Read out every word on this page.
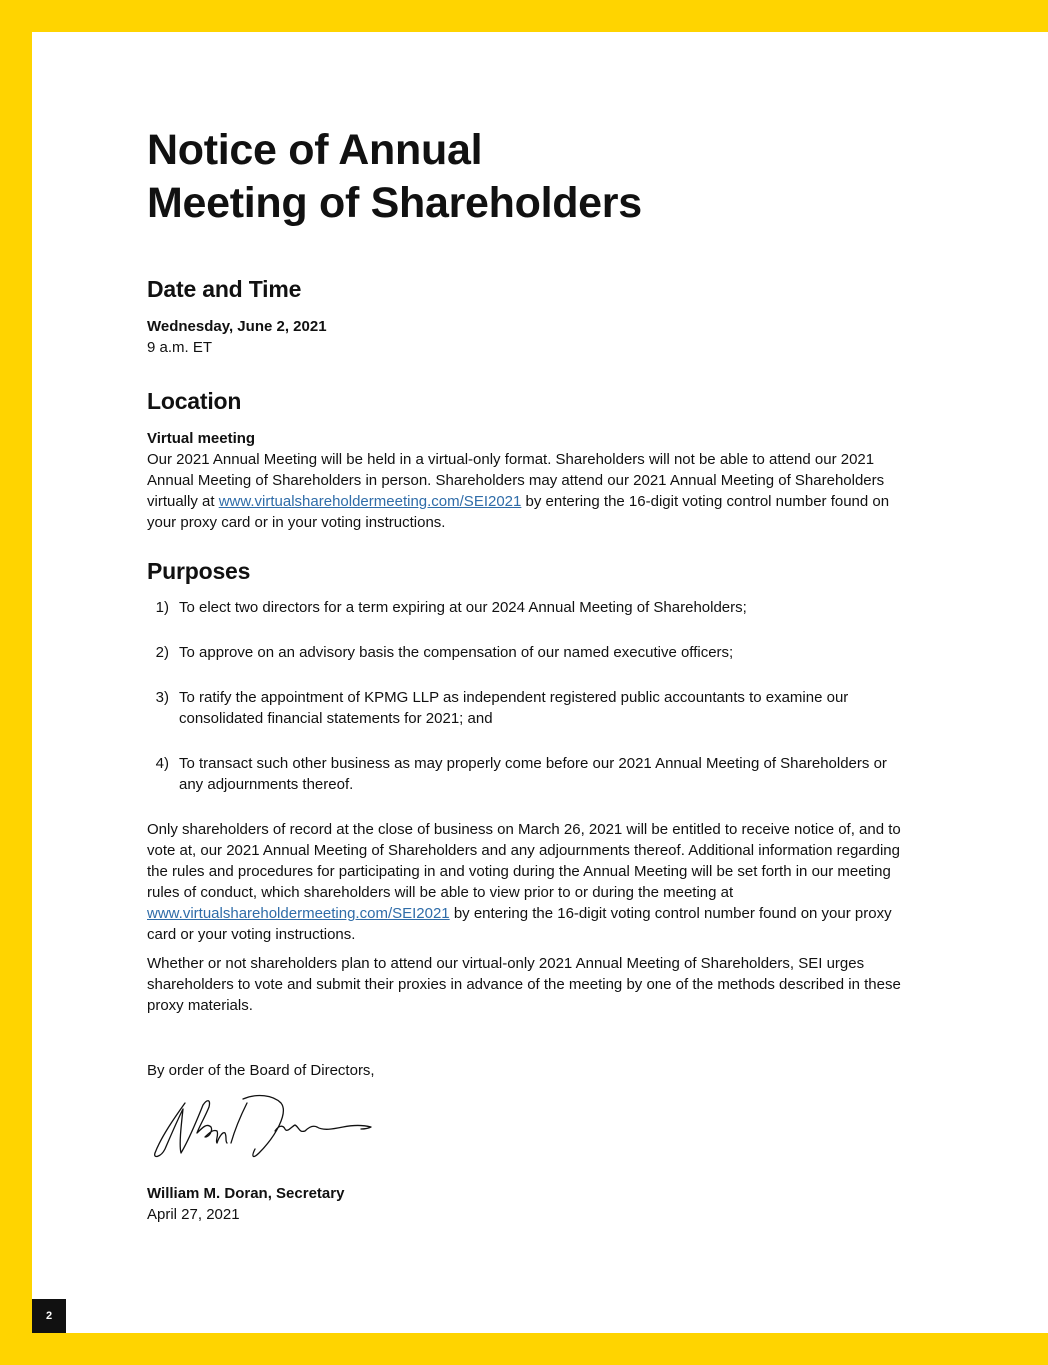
Notice of Annual
Meeting of Shareholders
Date and Time

Wednesday, June 2, 2021

9 a.m. ET

Location

Virtual meeting

Our 2021 Annual Meeting will be held in a virtual-only format. Shareholders will not be able to attend our 2021 Annual Meeting of Shareholders in person. Shareholders may attend our 2021 Annual Meeting of Shareholders virtually at www.virtualshareholdermeeting.com/SEI2021 by entering the 16-digit voting control number found on your proxy card or in your voting instructions.

Purposes
1) To elect two directors for a term expiring at our 2024 Annual Meeting of Shareholders;
2) To approve on an advisory basis the compensation of our named executive officers;
3) To ratify the appointment of KPMG LLP as independent registered public accountants to examine our consolidated financial statements for 2021; and
4) To transact such other business as may properly come before our 2021 Annual Meeting of Shareholders or any adjournments thereof.

Only shareholders of record at the close of business on March 26, 2021 will be entitled to receive notice of, and to vote at, our 2021 Annual Meeting of Shareholders and any adjournments thereof. Additional information regarding the rules and procedures for participating in and voting during the Annual Meeting will be set forth in our meeting rules of conduct, which shareholders will be able to view prior to or during the meeting at www.virtualshareholdermeeting.com/SEI2021 by entering the 16-digit voting control number found on your proxy card or your voting instructions.

Whether or not shareholders plan to attend our virtual-only 2021 Annual Meeting of Shareholders, SEI urges shareholders to vote and submit their proxies in advance of the meeting by one of the methods described in these proxy materials.

By order of the Board of Directors,

William M. Doran, Secretary

April 27, 2021

2
